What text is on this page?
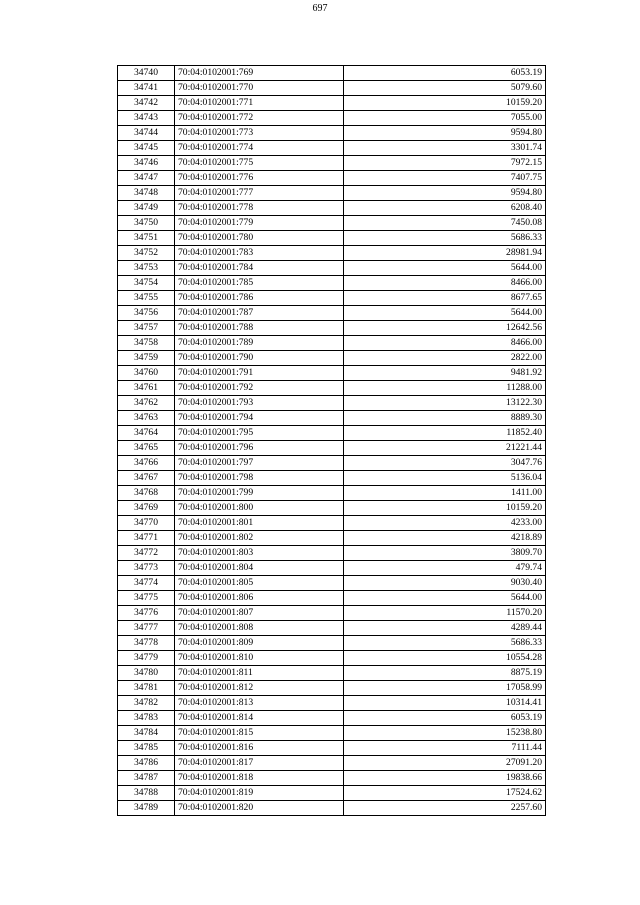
697
34740	70:04:0102001:769	6053.19
34741	70:04:0102001:770	5079.60
34742	70:04:0102001:771	10159.20
34743	70:04:0102001:772	7055.00
34744	70:04:0102001:773	9594.80
34745	70:04:0102001:774	3301.74
34746	70:04:0102001:775	7972.15
34747	70:04:0102001:776	7407.75
34748	70:04:0102001:777	9594.80
34749	70:04:0102001:778	6208.40
34750	70:04:0102001:779	7450.08
34751	70:04:0102001:780	5686.33
34752	70:04:0102001:783	28981.94
34753	70:04:0102001:784	5644.00
34754	70:04:0102001:785	8466.00
34755	70:04:0102001:786	8677.65
34756	70:04:0102001:787	5644.00
34757	70:04:0102001:788	12642.56
34758	70:04:0102001:789	8466.00
34759	70:04:0102001:790	2822.00
34760	70:04:0102001:791	9481.92
34761	70:04:0102001:792	11288.00
34762	70:04:0102001:793	13122.30
34763	70:04:0102001:794	8889.30
34764	70:04:0102001:795	11852.40
34765	70:04:0102001:796	21221.44
34766	70:04:0102001:797	3047.76
34767	70:04:0102001:798	5136.04
34768	70:04:0102001:799	1411.00
34769	70:04:0102001:800	10159.20
34770	70:04:0102001:801	4233.00
34771	70:04:0102001:802	4218.89
34772	70:04:0102001:803	3809.70
34773	70:04:0102001:804	479.74
34774	70:04:0102001:805	9030.40
34775	70:04:0102001:806	5644.00
34776	70:04:0102001:807	11570.20
34777	70:04:0102001:808	4289.44
34778	70:04:0102001:809	5686.33
34779	70:04:0102001:810	10554.28
34780	70:04:0102001:811	8875.19
34781	70:04:0102001:812	17058.99
34782	70:04:0102001:813	10314.41
34783	70:04:0102001:814	6053.19
34784	70:04:0102001:815	15238.80
34785	70:04:0102001:816	7111.44
34786	70:04:0102001:817	27091.20
34787	70:04:0102001:818	19838.66
34788	70:04:0102001:819	17524.62
34789	70:04:0102001:820	2257.60
